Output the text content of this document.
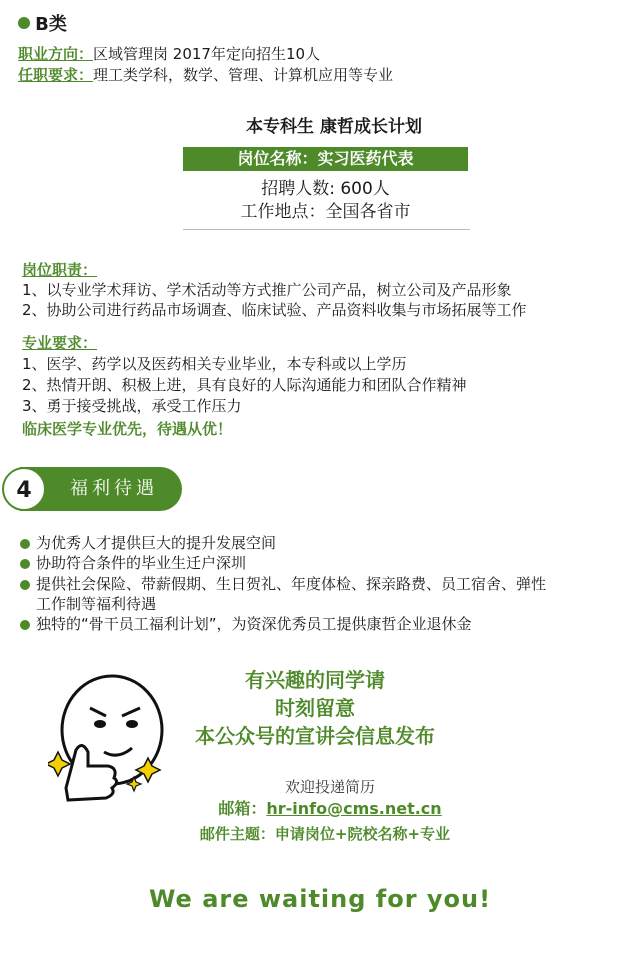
B类
职业方向：区域管理岗 2017年定向招生10人
任职要求：理工类学科，数学、管理、计算机应用等专业
本专科生 康哲成长计划
岗位名称：实习医药代表
招聘人数: 600人
工作地点：全国各省市
岗位职责：
1、以专业学术拜访、学术活动等方式推广公司产品，树立公司及产品形象
2、协助公司进行药品市场调查、临床试验、产品资料收集与市场拓展等工作
专业要求：
1、医学、药学以及医药相关专业毕业，本专科或以上学历
2、热情开朗、积极上进，具有良好的人际沟通能力和团队合作精神
3、勇于接受挑战，承受工作压力
临床医学专业优先，待遇从优！
福利待遇
4
为优秀人才提供巨大的提升发展空间
协助符合条件的毕业生迁户深圳
提供社会保险、带薪假期、生日贺礼、年度体检、探亲路费、员工宿舍、弹性
工作制等福利待遇
独特的“骨干员工福利计划”，为资深优秀员工提供康哲企业退休金
有兴趣的同学请
时刻留意
本公众号的宣讲会信息发布
欢迎投递简历
邮箱：hr-info@cms.net.cn
邮件主题：申请岗位+院校名称+专业
We are waiting for you!
